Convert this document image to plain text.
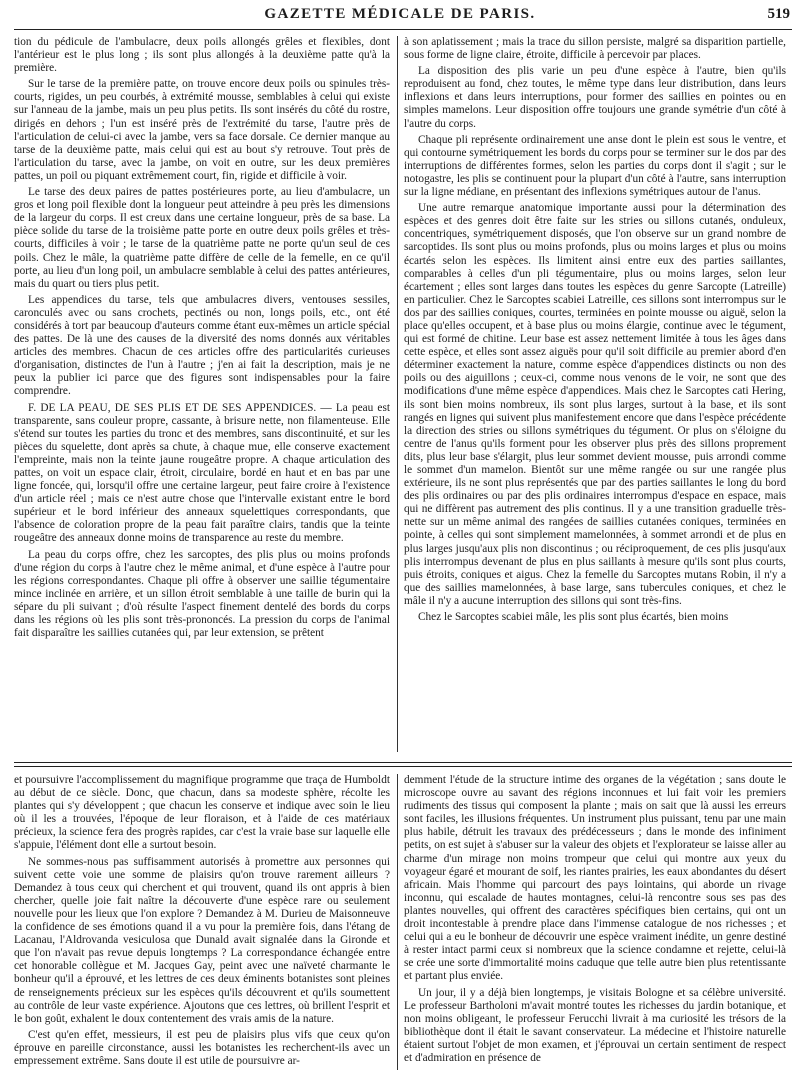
GAZETTE MÉDICALE DE PARIS.	519

tion du pédicule de l'ambulacre, deux poils allongés grêles et flexibles, dont l'antérieur est le plus long ; ils sont plus allongés à la deuxième patte qu'à la première.

Sur le tarse de la première patte, on trouve encore deux poils ou spinules très-courts, rigides, un peu courbés, à extrémité mousse, semblables à celui qui existe sur l'anneau de la jambe, mais un peu plus petits. Ils sont insérés du côté du rostre, dirigés en dehors ; l'un est inséré près de l'extrémité du tarse, l'autre près de l'articulation de celui-ci avec la jambe, vers sa face dorsale. Ce dernier manque au tarse de la deuxième patte, mais celui qui est au bout s'y retrouve. Tout près de l'articulation du tarse, avec la jambe, on voit en outre, sur les deux premières pattes, un poil ou piquant extrêmement court, fin, rigide et difficile à voir.

Le tarse des deux paires de pattes postérieures porte, au lieu d'ambulacre, un gros et long poil flexible dont la longueur peut atteindre à peu près les dimensions de la largeur du corps. Il est creux dans une certaine longueur, près de sa base. La pièce solide du tarse de la troisième patte porte en outre deux poils grêles et très-courts, difficiles à voir ; le tarse de la quatrième patte ne porte qu'un seul de ces poils. Chez le mâle, la quatrième patte diffère de celle de la femelle, en ce qu'il porte, au lieu d'un long poil, un ambulacre semblable à celui des pattes antérieures, mais du quart ou tiers plus petit.

Les appendices du tarse, tels que ambulacres divers, ventouses sessiles, caronculés avec ou sans crochets, pectinés ou non, longs poils, etc., ont été considérés à tort par beaucoup d'auteurs comme étant eux-mêmes un article spécial des pattes. De là une des causes de la diversité des noms donnés aux véritables articles des membres. Chacun de ces articles offre des particularités curieuses d'organisation, distinctes de l'un à l'autre ; j'en ai fait la description, mais je ne peux la publier ici parce que des figures sont indispensables pour la faire comprendre.

F. DE LA PEAU, DE SES PLIS ET DE SES APPENDICES. — La peau est transparente, sans couleur propre, cassante, à brisure nette, non filamenteuse. Elle s'étend sur toutes les parties du tronc et des membres, sans discontinuité, et sur les pièces du squelette, dont après sa chute, à chaque mue, elle conserve exactement l'empreinte, mais non la teinte jaune rougeâtre propre. A chaque articulation des pattes, on voit un espace clair, étroit, circulaire, bordé en haut et en bas par une ligne foncée, qui, lorsqu'il offre une certaine largeur, peut faire croire à l'existence d'un article réel ; mais ce n'est autre chose que l'intervalle existant entre le bord supérieur et le bord inférieur des anneaux squelettiques correspondants, que l'absence de coloration propre de la peau fait paraître clairs, tandis que la teinte rougeâtre des anneaux donne moins de transparence au reste du membre.

La peau du corps offre, chez les sarcoptes, des plis plus ou moins profonds d'une région du corps à l'autre chez le même animal, et d'une espèce à l'autre pour les régions correspondantes. Chaque pli offre à observer une saillie tégumentaire mince inclinée en arrière, et un sillon étroit semblable à une taille de burin qui la sépare du pli suivant ; d'où résulte l'aspect finement dentelé des bords du corps dans les régions où les plis sont très-prononcés. La pression du corps de l'animal fait disparaître les saillies cutanées qui, par leur extension, se prêtent

à son aplatissement ; mais la trace du sillon persiste, malgré sa disparition partielle, sous forme de ligne claire, étroite, difficile à percevoir par places.

La disposition des plis varie un peu d'une espèce à l'autre, bien qu'ils reproduisent au fond, chez toutes, le même type dans leur distribution, dans leurs inflexions et dans leurs interruptions, pour former des saillies en pointes ou en simples mamelons. Leur disposition offre toujours une grande symétrie d'un côté à l'autre du corps.

Chaque pli représente ordinairement une anse dont le plein est sous le ventre, et qui contourne symétriquement les bords du corps pour se terminer sur le dos par des interruptions de différentes formes, selon les parties du corps dont il s'agit ; sur le notogastre, les plis se continuent pour la plupart d'un côté à l'autre, sans interruption sur la ligne médiane, en présentant des inflexions symétriques autour de l'anus.

Une autre remarque anatomique importante aussi pour la détermination des espèces et des genres doit être faite sur les stries ou sillons cutanés, onduleux, concentriques, symétriquement disposés, que l'on observe sur un grand nombre de sarcoptides. Ils sont plus ou moins profonds, plus ou moins larges et plus ou moins écartés selon les espèces. Ils limitent ainsi entre eux des parties saillantes, comparables à celles d'un pli tégumentaire, plus ou moins larges, selon leur écartement ; elles sont larges dans toutes les espèces du genre Sarcopte (Latreille) en particulier. Chez le Sarcoptes scabiei Latreille, ces sillons sont interrompus sur le dos par des saillies coniques, courtes, terminées en pointe mousse ou aiguë, selon la place qu'elles occupent, et à base plus ou moins élargie, continue avec le tégument, qui est formé de chitine. Leur base est assez nettement limitée à tous les âges dans cette espèce, et elles sont assez aiguës pour qu'il soit difficile au premier abord d'en déterminer exactement la nature, comme espèce d'appendices distincts ou non des poils ou des aiguillons ; ceux-ci, comme nous venons de le voir, ne sont que des modifications d'une même espèce d'appendices. Mais chez le Sarcoptes cati Hering, ils sont bien moins nombreux, ils sont plus larges, surtout à la base, et ils sont rangés en lignes qui suivent plus manifestement encore que dans l'espèce précédente la direction des stries ou sillons symétriques du tégument. Or plus on s'éloigne du centre de l'anus qu'ils forment pour les observer plus près des sillons proprement dits, plus leur base s'élargit, plus leur sommet devient mousse, puis arrondi comme le sommet d'un mamelon. Bientôt sur une même rangée ou sur une rangée plus extérieure, ils ne sont plus représentés que par des parties saillantes le long du bord des plis ordinaires ou par des plis ordinaires interrompus d'espace en espace, mais qui ne diffèrent pas autrement des plis continus. Il y a une transition graduelle très-nette sur un même animal des rangées de saillies cutanées coniques, terminées en pointe, à celles qui sont simplement mamelonnées, à sommet arrondi et de plus en plus larges jusqu'aux plis non discontinus ; ou réciproquement, de ces plis jusqu'aux plis interrompus devenant de plus en plus saillants à mesure qu'ils sont plus courts, puis étroits, coniques et aigus. Chez la femelle du Sarcoptes mutans Robin, il n'y a que des saillies mamelonnées, à base large, sans tubercules coniques, et chez le mâle il n'y a aucune interruption des sillons qui sont très-fins.

Chez le Sarcoptes scabiei mâle, les plis sont plus écartés, bien moins

et poursuivre l'accomplissement du magnifique programme que traça de Humboldt au début de ce siècle. Donc, que chacun, dans sa modeste sphère, récolte les plantes qui s'y développent ; que chacun les conserve et indique avec soin le lieu où il les a trouvées, l'époque de leur floraison, et à l'aide de ces matériaux précieux, la science fera des progrès rapides, car c'est la vraie base sur laquelle elle s'appuie, l'élément dont elle a surtout besoin.

Ne sommes-nous pas suffisamment autorisés à promettre aux personnes qui suivent cette voie une somme de plaisirs qu'on trouve rarement ailleurs ? Demandez à tous ceux qui cherchent et qui trouvent, quand ils ont appris à bien chercher, quelle joie fait naître la découverte d'une espèce rare ou seulement nouvelle pour les lieux que l'on explore ? Demandez à M. Durieu de Maisonneuve la confidence de ses émotions quand il a vu pour la première fois, dans l'étang de Lacanau, l'Aldrovanda vesiculosa que Dunald avait signalée dans la Gironde et que l'on n'avait pas revue depuis longtemps ? La correspondance échangée entre cet honorable collègue et M. Jacques Gay, peint avec une naïveté charmante le bonheur qu'il a éprouvé, et les lettres de ces deux éminents botanistes sont pleines de renseignements précieux sur les espèces qu'ils découvrent et qu'ils soumettent au contrôle de leur vaste expérience. Ajoutons que ces lettres, où brillent l'esprit et le bon goût, exhalent le doux contentement des vrais amis de la nature.

C'est qu'en effet, messieurs, il est peu de plaisirs plus vifs que ceux qu'on éprouve en pareille circonstance, aussi les botanistes les recherchent-ils avec un empressement extrême. Sans doute il est utile de poursuivre ar-

demment l'étude de la structure intime des organes de la végétation ; sans doute le microscope ouvre au savant des régions inconnues et lui fait voir les premiers rudiments des tissus qui composent la plante ; mais on sait que là aussi les erreurs sont faciles, les illusions fréquentes. Un instrument plus puissant, tenu par une main plus habile, détruit les travaux des prédécesseurs ; dans le monde des infiniment petits, on est sujet à s'abuser sur la valeur des objets et l'explorateur se laisse aller au charme d'un mirage non moins trompeur que celui qui montre aux yeux du voyageur égaré et mourant de soif, les riantes prairies, les eaux abondantes du désert africain. Mais l'homme qui parcourt des pays lointains, qui aborde un rivage inconnu, qui escalade de hautes montagnes, celui-là rencontre sous ses pas des plantes nouvelles, qui offrent des caractères spécifiques bien certains, qui ont un droit incontestable à prendre place dans l'immense catalogue de nos richesses ; et celui qui a eu le bonheur de découvrir une espèce vraiment inédite, un genre destiné à rester intact parmi ceux si nombreux que la science condamne et rejette, celui-là se crée une sorte d'immortalité moins caduque que telle autre bien plus retentissante et partant plus enviée.

Un jour, il y a déjà bien longtemps, je visitais Bologne et sa célèbre université. Le professeur Bartholoni m'avait montré toutes les richesses du jardin botanique, et non moins obligeant, le professeur Ferucchi livrait à ma curiosité les trésors de la bibliothèque dont il était le savant conservateur. La médecine et l'histoire naturelle étaient surtout l'objet de mon examen, et j'éprouvai un certain sentiment de respect et d'admiration en présence de
